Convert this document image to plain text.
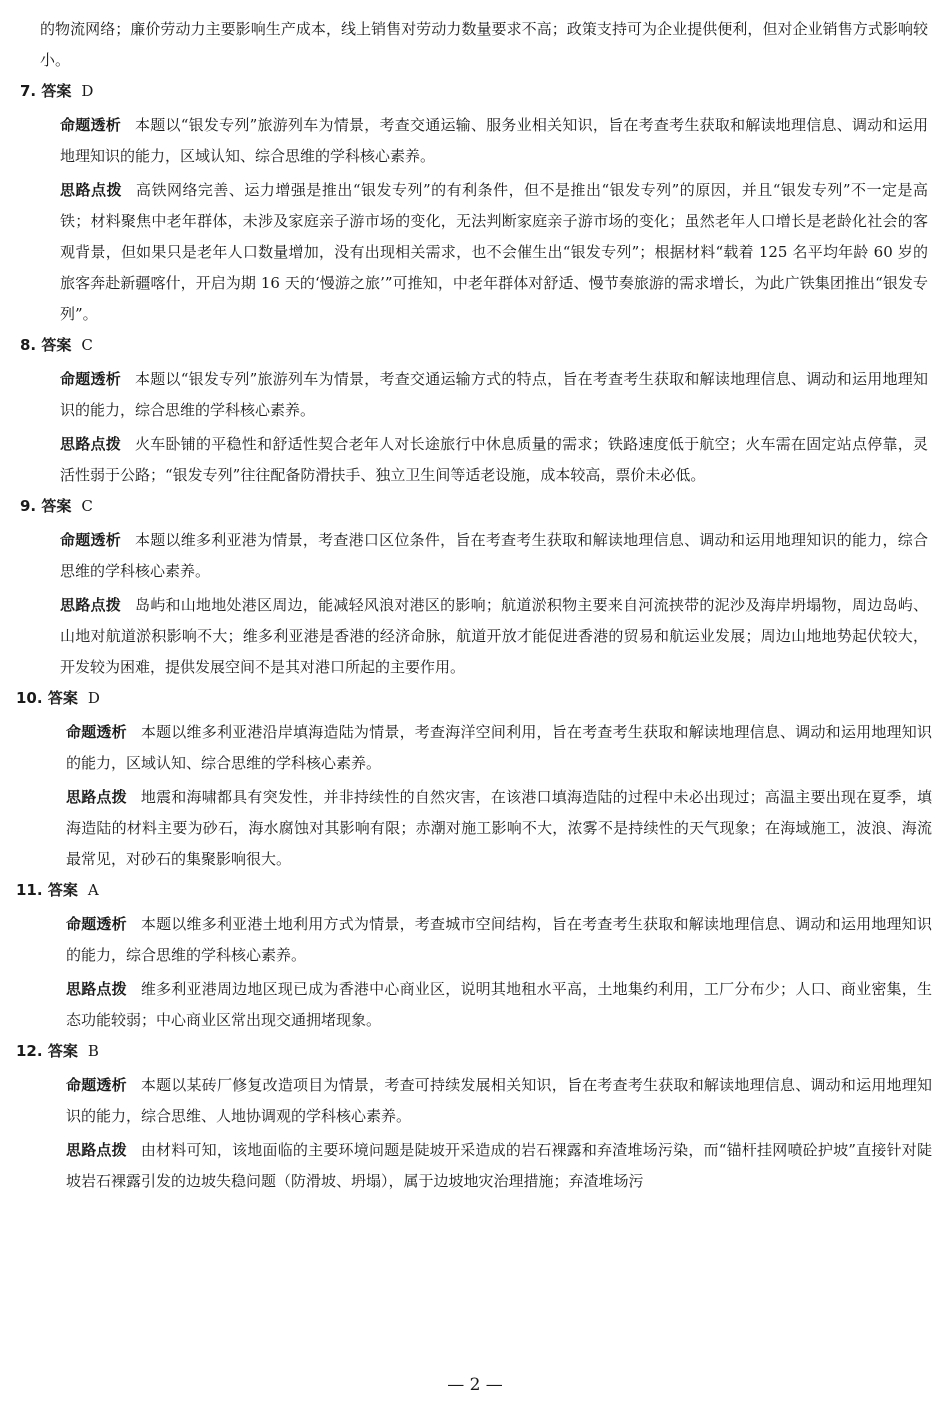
的物流网络；廉价劳动力主要影响生产成本，线上销售对劳动力数量要求不高；政策支持可为企业提供便利，但对企业销售方式影响较小。

7. 答案 D

命题透析 本题以“银发专列”旅游列车为情景，考查交通运输、服务业相关知识，旨在考查考生获取和解读地理信息、调动和运用地理知识的能力，区域认知、综合思维的学科核心素养。

思路点拨 高铁网络完善、运力增强是推出“银发专列”的有利条件，但不是推出“银发专列”的原因，并且“银发专列”不一定是高铁；材料聚焦中老年群体，未涉及家庭亲子游市场的变化，无法判断家庭亲子游市场的变化；虽然老年人口增长是老龄化社会的客观背景，但如果只是老年人口数量增加，没有出现相关需求，也不会催生出“银发专列”；根据材料“载着 125 名平均年龄 60 岁的旅客奔赴新疆喀什，开启为期 16 天的‘慢游之旅’”可推知，中老年群体对舒适、慢节奏旅游的需求增长，为此广铁集团推出“银发专列”。

8. 答案 C

命题透析 本题以“银发专列”旅游列车为情景，考查交通运输方式的特点，旨在考查考生获取和解读地理信息、调动和运用地理知识的能力，综合思维的学科核心素养。

思路点拨 火车卧铺的平稳性和舒适性契合老年人对长途旅行中休息质量的需求；铁路速度低于航空；火车需在固定站点停靠，灵活性弱于公路；“银发专列”往往配备防滑扶手、独立卫生间等适老设施，成本较高，票价未必低。

9. 答案 C

命题透析 本题以维多利亚港为情景，考查港口区位条件，旨在考查考生获取和解读地理信息、调动和运用地理知识的能力，综合思维的学科核心素养。

思路点拨 岛屿和山地地处港区周边，能减轻风浪对港区的影响；航道淤积物主要来自河流挟带的泥沙及海岸坍塌物，周边岛屿、山地对航道淤积影响不大；维多利亚港是香港的经济命脉，航道开放才能促进香港的贸易和航运业发展；周边山地地势起伏较大，开发较为困难，提供发展空间不是其对港口所起的主要作用。

10. 答案 D

命题透析 本题以维多利亚港沿岸填海造陆为情景，考查海洋空间利用，旨在考查考生获取和解读地理信息、调动和运用地理知识的能力，区域认知、综合思维的学科核心素养。

思路点拨 地震和海啸都具有突发性，并非持续性的自然灾害，在该港口填海造陆的过程中未必出现过；高温主要出现在夏季，填海造陆的材料主要为砂石，海水腐蚀对其影响有限；赤潮对施工影响不大，浓雾不是持续性的天气现象；在海域施工，波浪、海流最常见，对砂石的集聚影响很大。

11. 答案 A

命题透析 本题以维多利亚港土地利用方式为情景，考查城市空间结构，旨在考查考生获取和解读地理信息、调动和运用地理知识的能力，综合思维的学科核心素养。

思路点拨 维多利亚港周边地区现已成为香港中心商业区，说明其地租水平高，土地集约利用，工厂分布少；人口、商业密集，生态功能较弱；中心商业区常出现交通拥堵现象。

12. 答案 B

命题透析 本题以某砖厂修复改造项目为情景，考查可持续发展相关知识，旨在考查考生获取和解读地理信息、调动和运用地理知识的能力，综合思维、人地协调观的学科核心素养。

思路点拨 由材料可知，该地面临的主要环境问题是陡坡开采造成的岩石裸露和弃渣堆场污染，而“锚杆挂网喷砼护坡”直接针对陡坡岩石裸露引发的边坡失稳问题（防滑坡、坍塌），属于边坡地灾治理措施；弃渣堆场污

— 2 —
